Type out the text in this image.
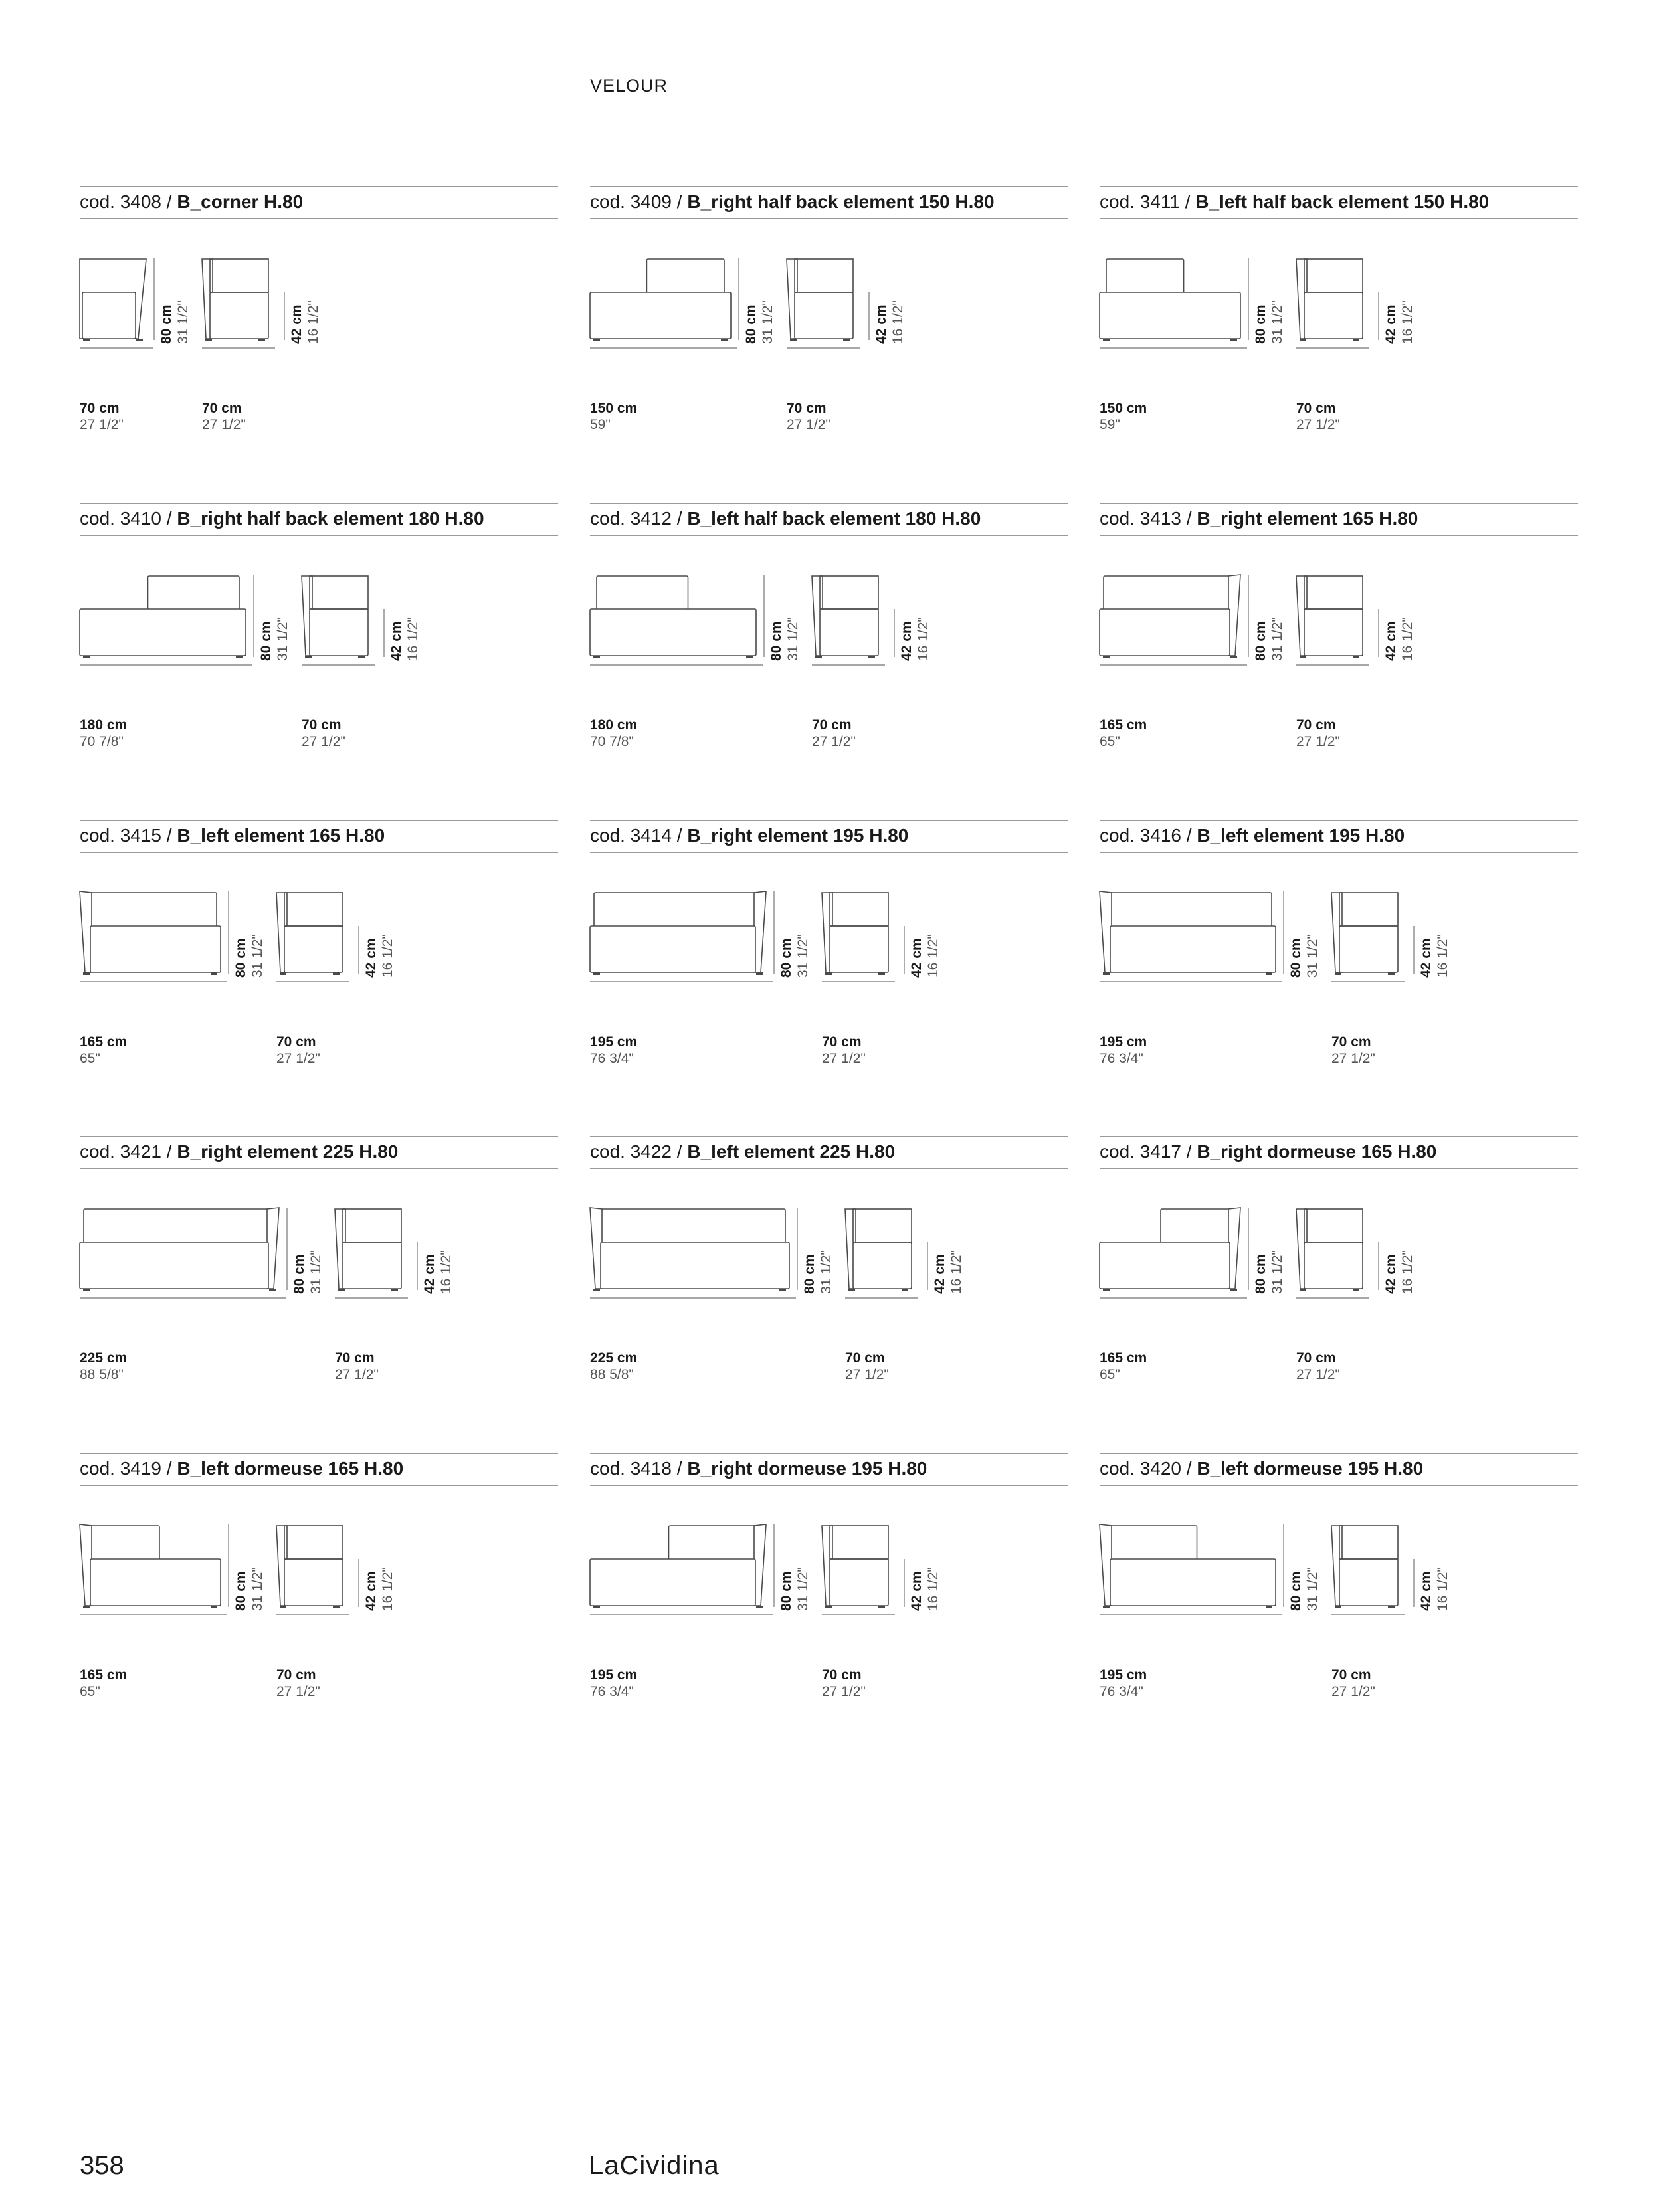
VELOUR
cod. 3408 / B_corner H.80
70 cm
27 1/2"
70 cm
27 1/2"
80 cm 31 1/2"	42 cm 16 1/2"
cod. 3409 / B_right half back element 150 H.80
150 cm
59"
70 cm
27 1/2"
80 cm 31 1/2"	42 cm 16 1/2"
cod. 3411 / B_left half back element 150 H.80
150 cm
59"
70 cm
27 1/2"
80 cm 31 1/2"	42 cm 16 1/2"
cod. 3410 / B_right half back element 180 H.80
180 cm
70 7/8"
70 cm
27 1/2"
80 cm 31 1/2"	42 cm 16 1/2"
cod. 3412 / B_left half back element 180 H.80
180 cm
70 7/8"
70 cm
27 1/2"
80 cm 31 1/2"	42 cm 16 1/2"
cod. 3413 / B_right element 165 H.80
165 cm
65"
70 cm
27 1/2"
80 cm 31 1/2"	42 cm 16 1/2"
cod. 3415 / B_left element 165 H.80
165 cm
65"
70 cm
27 1/2"
80 cm 31 1/2"	42 cm 16 1/2"
cod. 3414 / B_right element 195 H.80
195 cm
76 3/4"
70 cm
27 1/2"
80 cm 31 1/2"	42 cm 16 1/2"
cod. 3416 / B_left element 195 H.80
195 cm
76 3/4"
70 cm
27 1/2"
80 cm 31 1/2"	42 cm 16 1/2"
cod. 3421 / B_right element 225 H.80
225 cm
88 5/8"
70 cm
27 1/2"
80 cm 31 1/2"	42 cm 16 1/2"
cod. 3422 / B_left element 225 H.80
225 cm
88 5/8"
70 cm
27 1/2"
80 cm 31 1/2"	42 cm 16 1/2"
cod. 3417 / B_right dormeuse 165 H.80
165 cm
65"
70 cm
27 1/2"
80 cm 31 1/2"	42 cm 16 1/2"
cod. 3419 / B_left dormeuse 165 H.80
165 cm
65"
70 cm
27 1/2"
80 cm 31 1/2"	42 cm 16 1/2"
cod. 3418 / B_right dormeuse 195 H.80
195 cm
76 3/4"
70 cm
27 1/2"
80 cm 31 1/2"	42 cm 16 1/2"
cod. 3420 / B_left dormeuse 195 H.80
195 cm
76 3/4"
70 cm
27 1/2"
80 cm 31 1/2"	42 cm 16 1/2"
358	LaCividina
